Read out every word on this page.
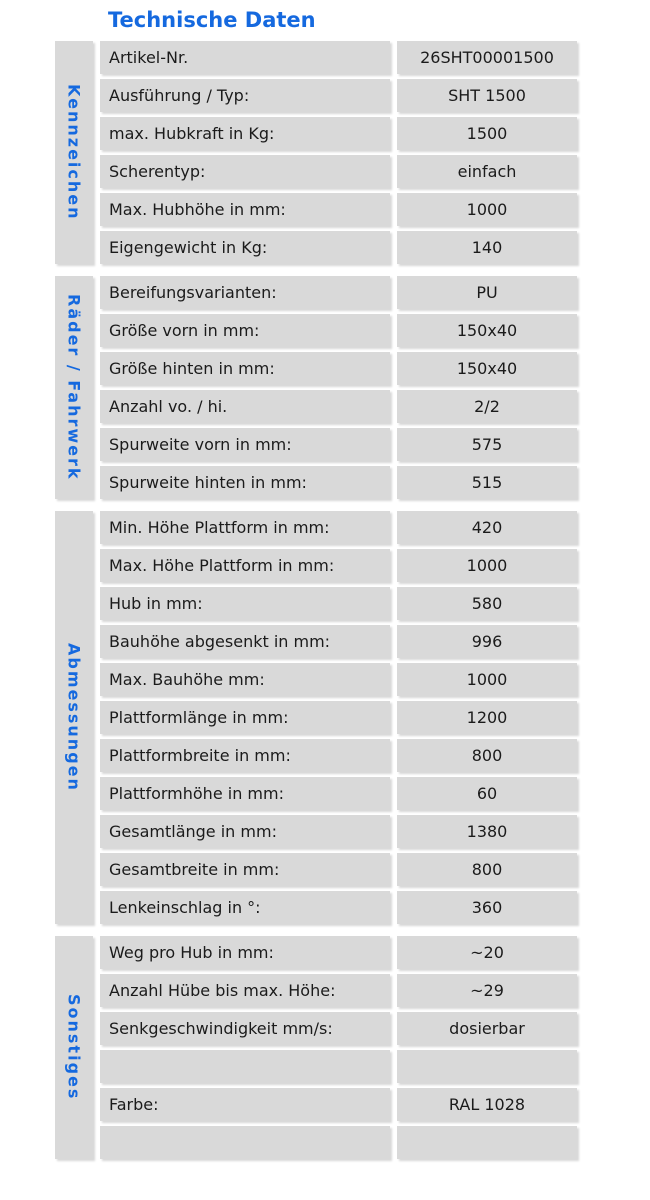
Technische Daten
Kennzeichen
Artikel-Nr.	26SHT00001500
Ausführung / Typ:	SHT 1500
max. Hubkraft in Kg:	1500
Scherentyp:	einfach
Max. Hubhöhe in mm:	1000
Eigengewicht in Kg:	140
Räder / Fahrwerk
Bereifungsvarianten:	PU
Größe vorn in mm:	150x40
Größe hinten in mm:	150x40
Anzahl vo. / hi.	2/2
Spurweite vorn in mm:	575
Spurweite hinten in mm:	515
Abmessungen
Min. Höhe Plattform in mm:	420
Max. Höhe Plattform in mm:	1000
Hub in mm:	580
Bauhöhe abgesenkt in mm:	996
Max. Bauhöhe mm:	1000
Plattformlänge in mm:	1200
Plattformbreite in mm:	800
Plattformhöhe in mm:	60
Gesamtlänge in mm:	1380
Gesamtbreite in mm:	800
Lenkeinschlag in °:	360
Sonstiges
Weg pro Hub in mm:	~20
Anzahl Hübe bis max. Höhe:	~29
Senkgeschwindigkeit mm/s:	dosierbar
Farbe:	RAL 1028
